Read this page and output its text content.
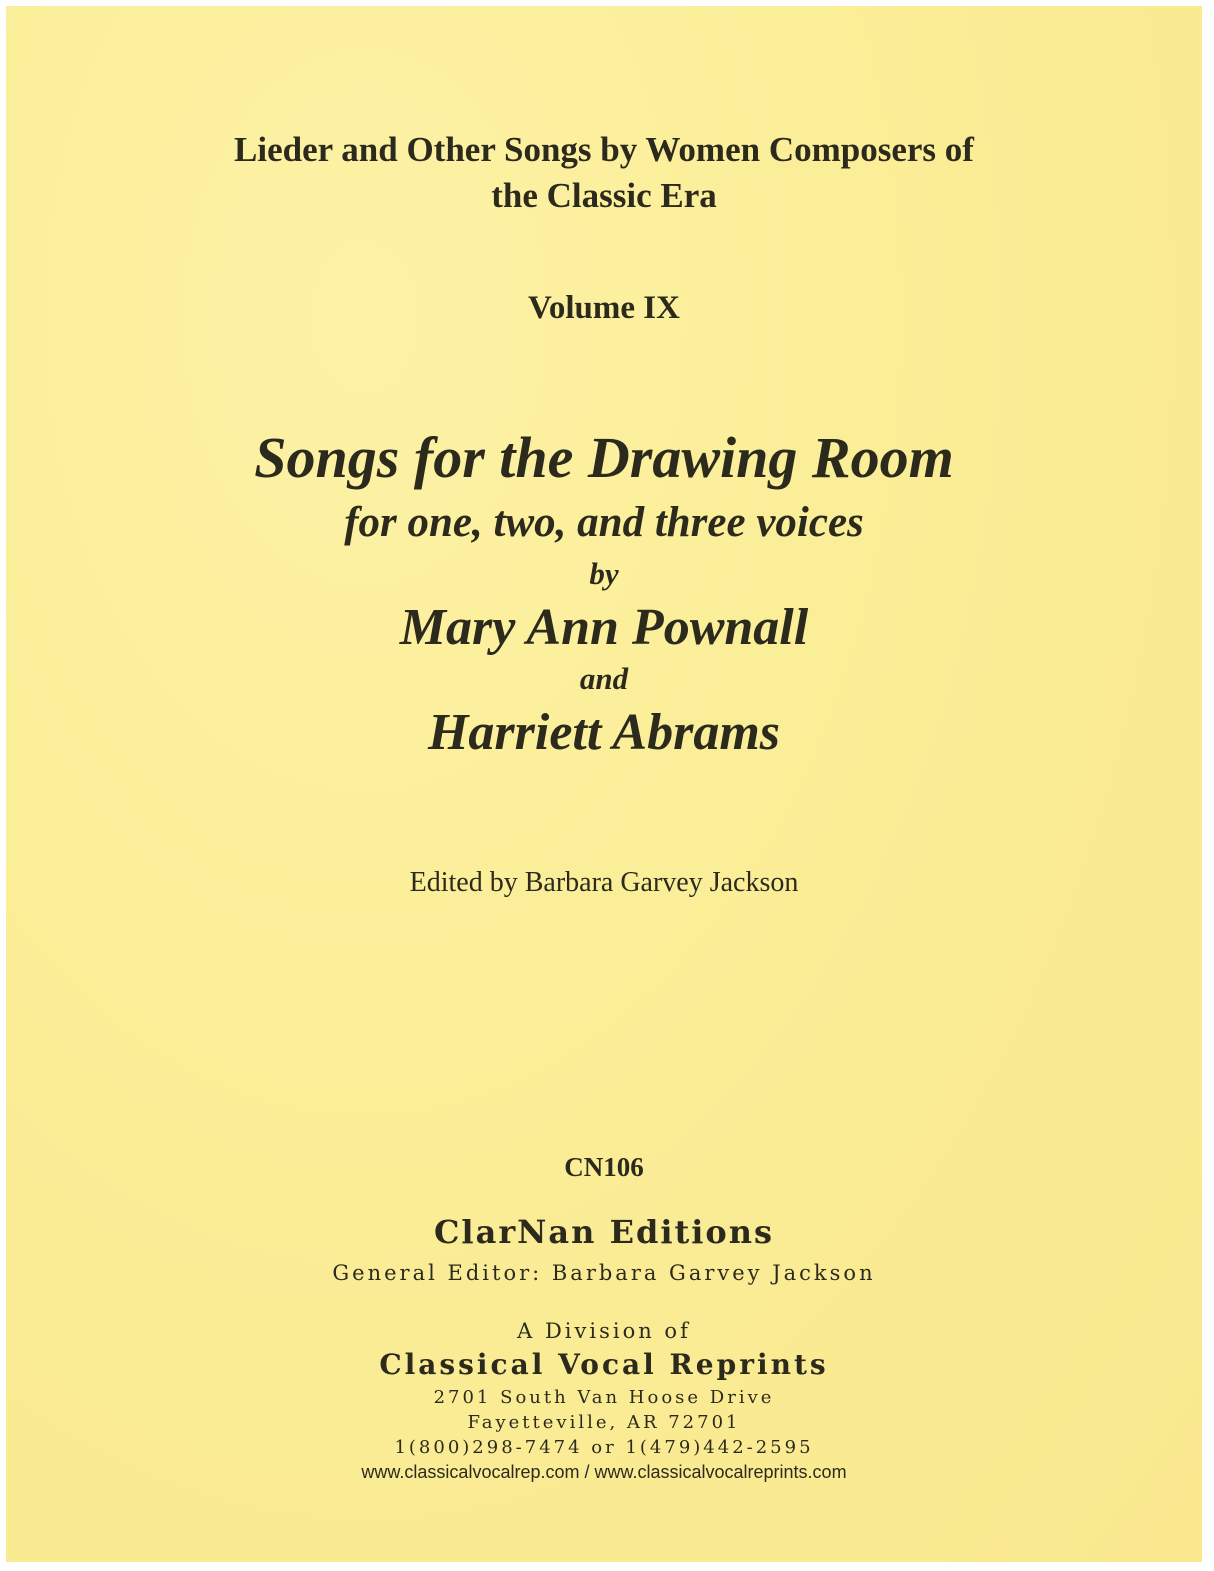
Lieder and Other Songs by Women Composers of

the Classic Era

Volume IX

Songs for the Drawing Room

for one, two, and three voices

by

Mary Ann Pownall

and

Harriett Abrams

Edited by Barbara Garvey Jackson

CN106

ClarNan Editions

General Editor: Barbara Garvey Jackson

A Division of

Classical Vocal Reprints

2701 South Van Hoose Drive

Fayetteville, AR 72701

1(800)298-7474 or 1(479)442-2595

www.classicalvocalrep.com / www.classicalvocalreprints.com
